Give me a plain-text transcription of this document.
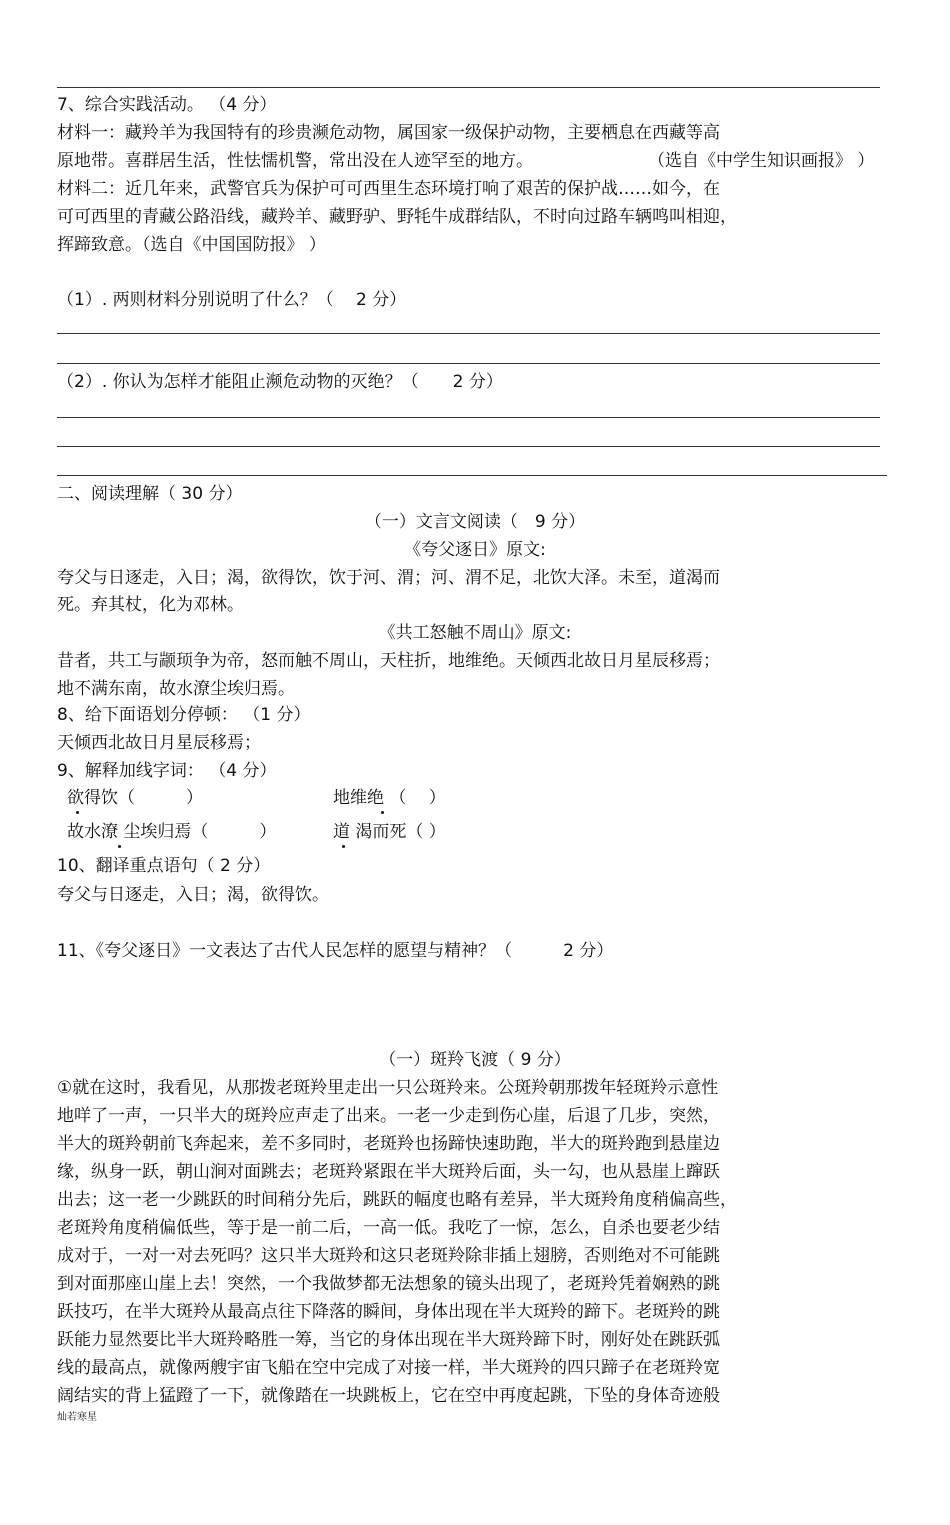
7、综合实践活动。 （4 分）
材料一：藏羚羊为我国特有的珍贵濒危动物，属国家一级保护动物，主要栖息在西藏等高
原地带。喜群居生活，性怯懦机警，常出没在人迹罕至的地方。	（选自《中学生知识画报》 ）
材料二：近几年来，武警官兵为保护可可西里生态环境打响了艰苦的保护战……如今，在
可可西里的青藏公路沿线，藏羚羊、藏野驴、野牦牛成群结队，不时向过路车辆鸣叫相迎，
挥蹄致意。（选自《中国国防报》 ）
（1）. 两则材料分别说明了什么？（　 2 分）
（2）. 你认为怎样才能阻止濒危动物的灭绝？（　　2 分）
二、阅读理解（ 30 分）
（一）文言文阅读（　9 分）
《夸父逐日》原文:
夸父与日逐走，入日；渴，欲得饮，饮于河、渭；河、渭不足，北饮大泽。未至，道渴而
死。弃其杖，化为邓林。
《共工怒触不周山》原文:
昔者，共工与颛顼争为帝，怒而触不周山，天柱折，地维绝。天倾西北故日月星辰移焉；
地不满东南，故水潦尘埃归焉。
8、给下面语划分停顿： （1 分）
天倾西北故日月星辰移焉；
9、解释加线字词： （4 分）
欲得饮（　　　）	地维绝 （　 ）
故水潦 尘埃归焉（　　　）	道 渴而死（ ）
10、翻译重点语句（ 2 分）
夸父与日逐走，入日；渴，欲得饮。
11、《夸父逐日》一文表达了古代人民怎样的愿望与精神？（　　　2 分）
（一）斑羚飞渡（ 9 分）
①就在这时，我看见，从那拨老斑羚里走出一只公斑羚来。公斑羚朝那拨年轻斑羚示意性
地咩了一声，一只半大的斑羚应声走了出来。一老一少走到伤心崖，后退了几步，突然，
半大的斑羚朝前飞奔起来，差不多同时，老斑羚也扬蹄快速助跑，半大的斑羚跑到悬崖边
缘，纵身一跃，朝山涧对面跳去；老斑羚紧跟在半大斑羚后面，头一勾，也从悬崖上蹿跃
出去；这一老一少跳跃的时间稍分先后，跳跃的幅度也略有差异，半大斑羚角度稍偏高些，
老斑羚角度稍偏低些，等于是一前二后，一高一低。我吃了一惊，怎么，自杀也要老少结
成对于，一对一对去死吗？这只半大斑羚和这只老斑羚除非插上翅膀，否则绝对不可能跳
到对面那座山崖上去！突然，一个我做梦都无法想象的镜头出现了，老斑羚凭着娴熟的跳
跃技巧，在半大斑羚从最高点往下降落的瞬间，身体出现在半大斑羚的蹄下。老斑羚的跳
跃能力显然要比半大斑羚略胜一筹，当它的身体出现在半大斑羚蹄下时，刚好处在跳跃弧
线的最高点，就像两艘宇宙飞船在空中完成了对接一样，半大斑羚的四只蹄子在老斑羚宽
阔结实的背上猛蹬了一下，就像踏在一块跳板上，它在空中再度起跳，下坠的身体奇迹般
灿若寒星
